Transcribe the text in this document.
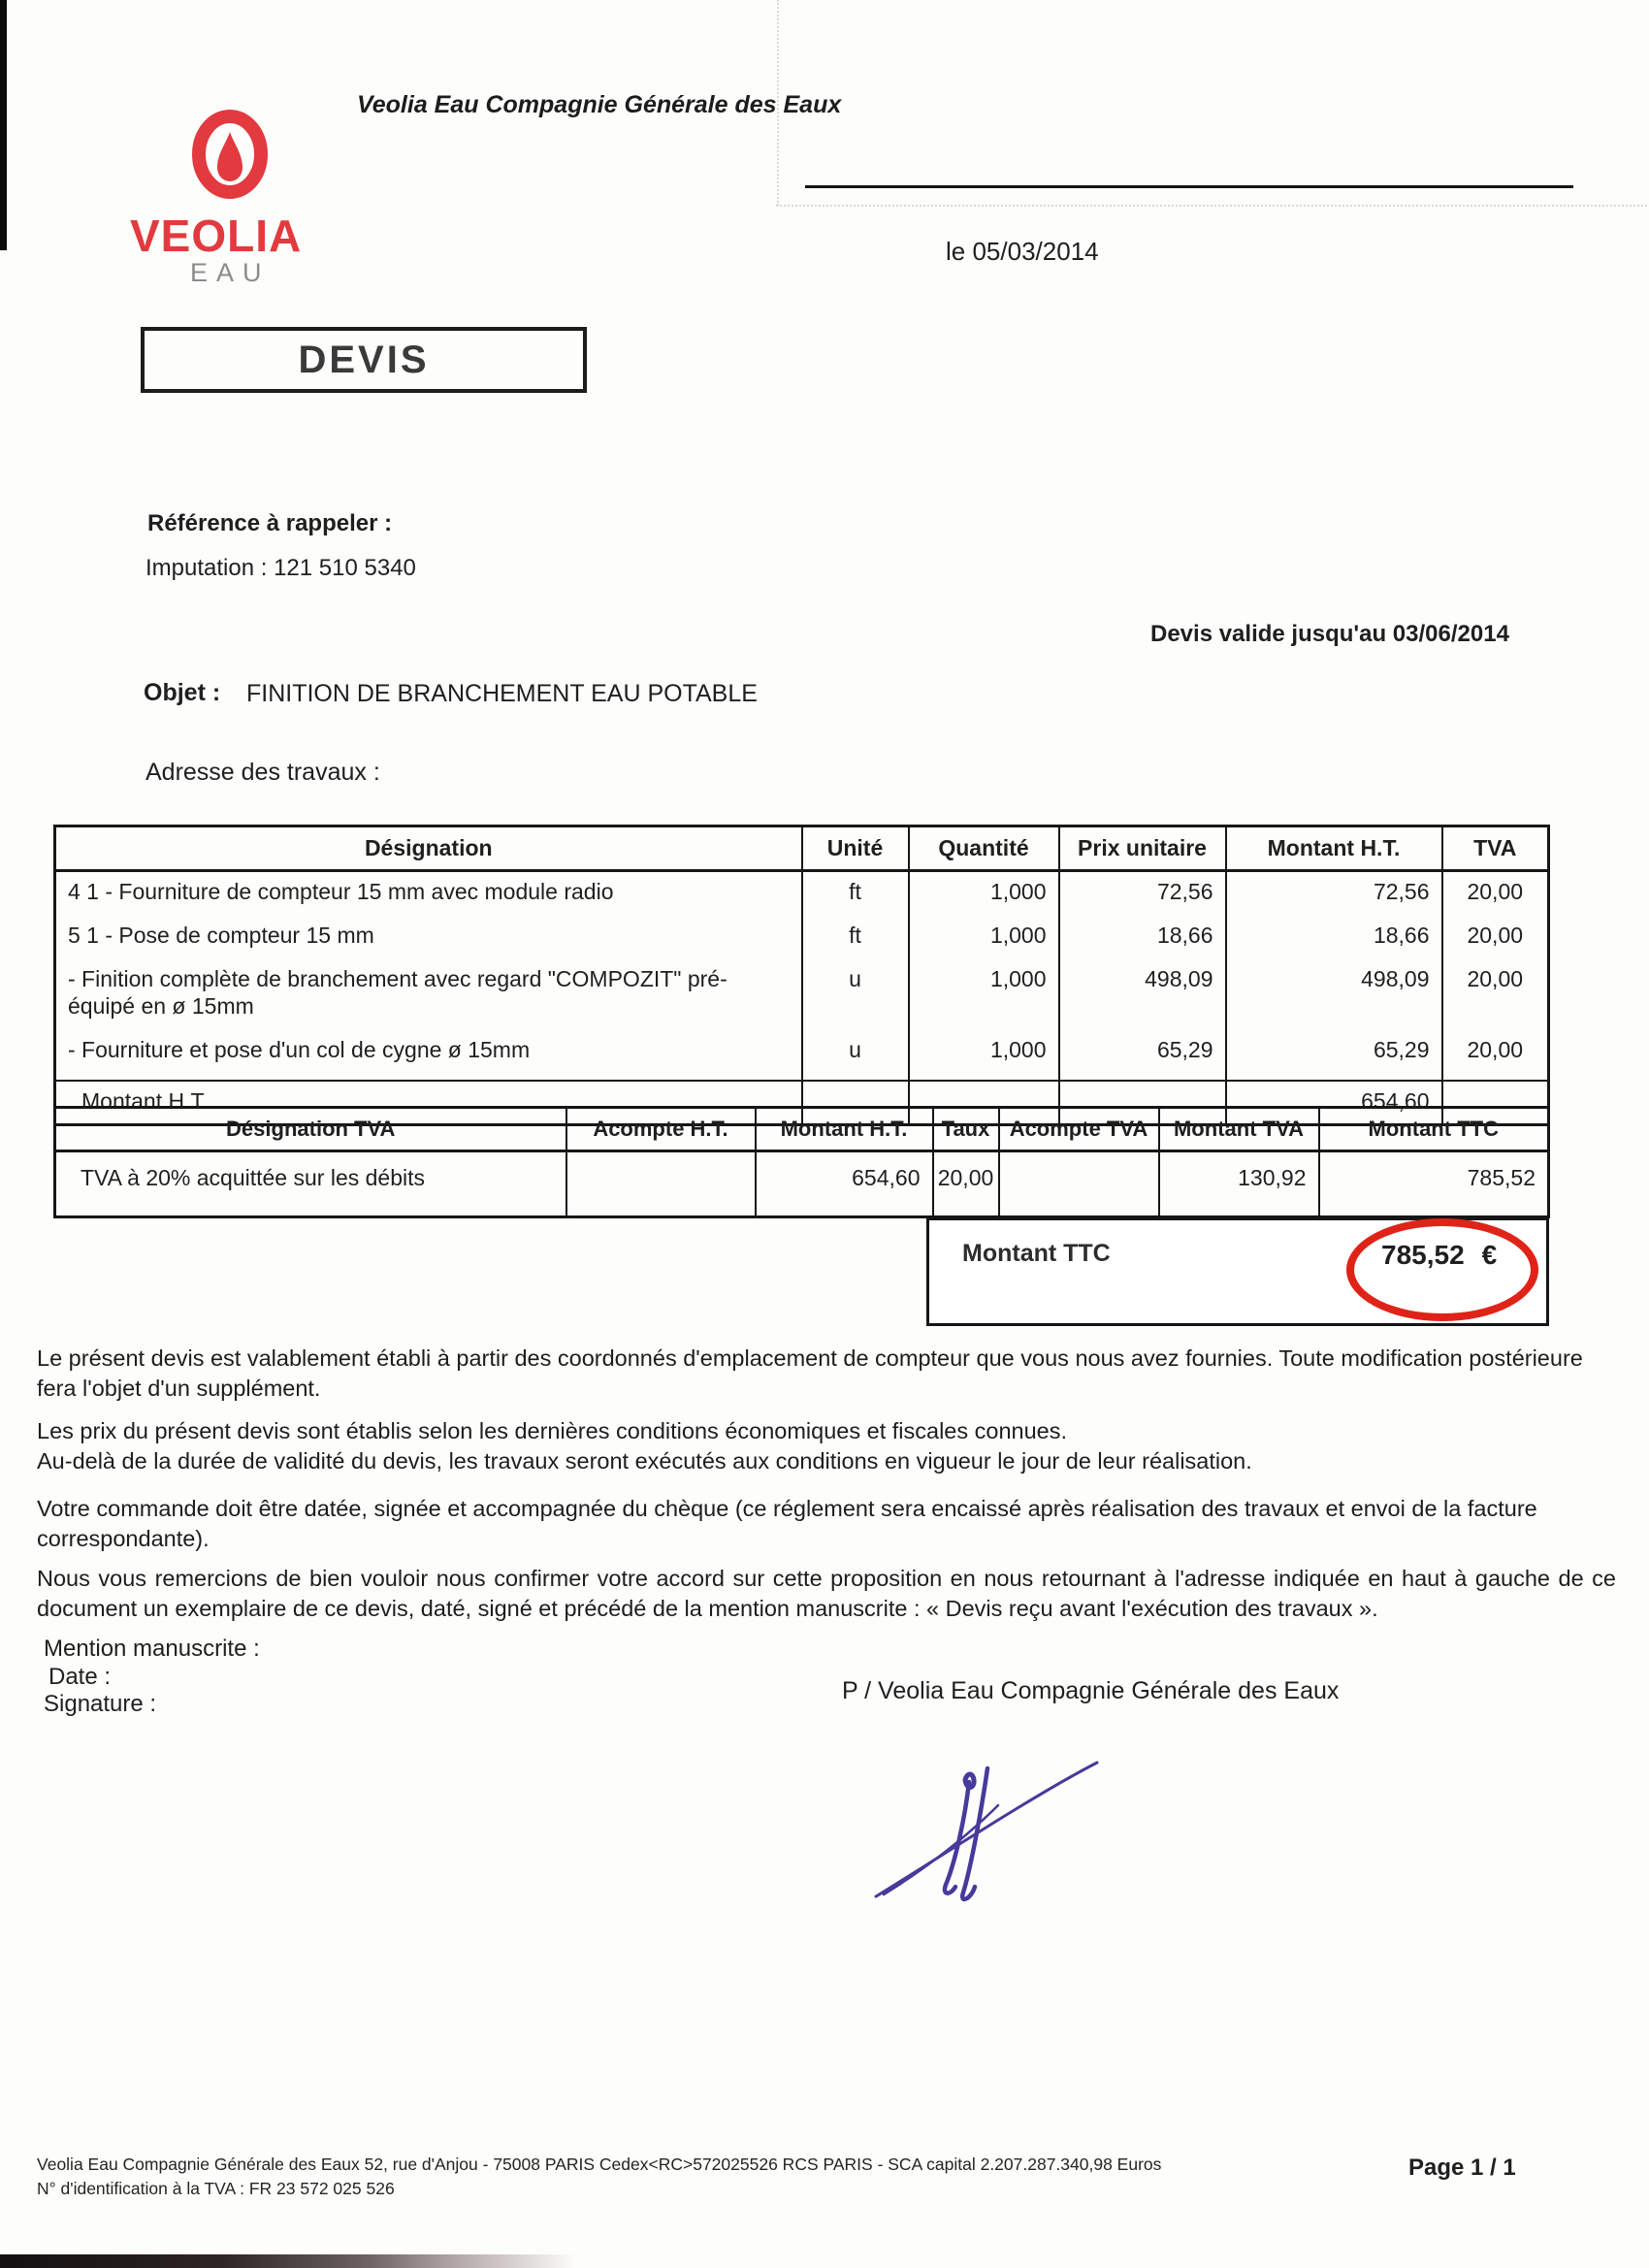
Veolia Eau Compagnie Générale des Eaux
le 05/03/2014
VEOLIA
EAU
DEVIS
Référence à rappeler :
Imputation : 121 510 5340
Objet : FINITION DE BRANCHEMENT EAU POTABLE
Devis valide jusqu'au 03/06/2014
Adresse des travaux :
Désignation	Unité	Quantité	Prix unitaire	Montant H.T.	TVA
4 1 - Fourniture de compteur 15 mm avec module radio	ft	1,000	72,56	72,56	20,00
5 1 - Pose de compteur 15 mm	ft	1,000	18,66	18,66	20,00
- Finition complète de branchement avec regard "COMPOZIT" pré-équipé en ø 15mm	u	1,000	498,09	498,09	20,00
- Fourniture et pose d'un col de cygne ø 15mm	u	1,000	65,29	65,29	20,00
Montant H.T.				654,60	
Désignation TVA	Acompte H.T.	Montant H.T.	Taux	Acompte TVA	Montant TVA	Montant TTC
TVA à 20% acquittée sur les débits		654,60	20,00		130,92	785,52
Montant TTC	785,52 €
Le présent devis est valablement établi à partir des coordonnés d'emplacement de compteur que vous nous avez fournies. Toute modification postérieure fera l'objet d'un supplément.
Les prix du présent devis sont établis selon les dernières conditions économiques et fiscales connues.
Au-delà de la durée de validité du devis, les travaux seront exécutés aux conditions en vigueur le jour de leur réalisation.
Votre commande doit être datée, signée et accompagnée du chèque (ce réglement sera encaissé après réalisation des travaux et envoi de la facture correspondante).
Nous vous remercions de bien vouloir nous confirmer votre accord sur cette proposition en nous retournant à l'adresse indiquée en haut à gauche de ce document un exemplaire de ce devis, daté, signé et précédé de la mention manuscrite : « Devis reçu avant l'exécution des travaux ».
Mention manuscrite :
Date :
Signature :	P / Veolia Eau Compagnie Générale des Eaux
Veolia Eau Compagnie Générale des Eaux 52, rue d'Anjou - 75008 PARIS Cedex<RC>572025526 RCS PARIS - SCA capital 2.207.287.340,98 Euros
N° d'identification à la TVA : FR 23 572 025 526
Page 1 / 1
